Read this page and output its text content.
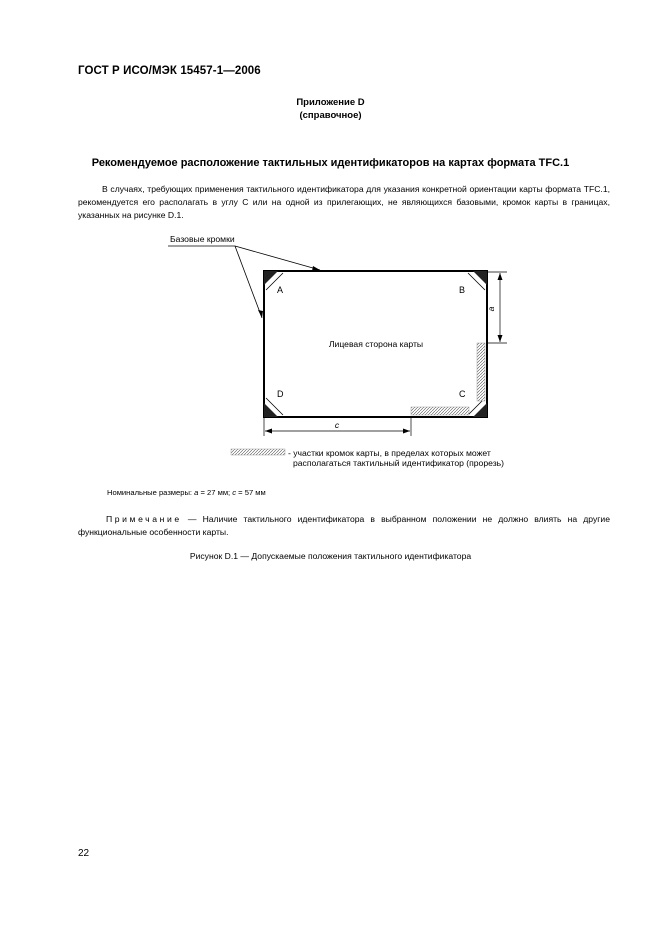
ГОСТ Р ИСО/МЭК 15457-1—2006
Приложение D
(справочное)
Рекомендуемое расположение тактильных идентификаторов на картах формата TFC.1
В случаях, требующих применения тактильного идентификатора для указания конкретной ориентации карты формата TFC.1, рекомендуется его располагать в углу C или на одной из прилегающих, не являющихся базовыми, кромок карты в границах, указанных на рисунке D.1.
Базовые кромки
A	B
C
D
Лицевая сторона карты
a
c
- участки кромок карты, в пределах которых может
располагаться тактильный идентификатор (прорезь)
Номинальные размеры: a = 27 мм; c = 57 мм
Примечание — Наличие тактильного идентификатора в выбранном положении не должно влиять на другие функциональные особенности карты.
Рисунок D.1 — Допускаемые положения тактильного идентификатора
22
